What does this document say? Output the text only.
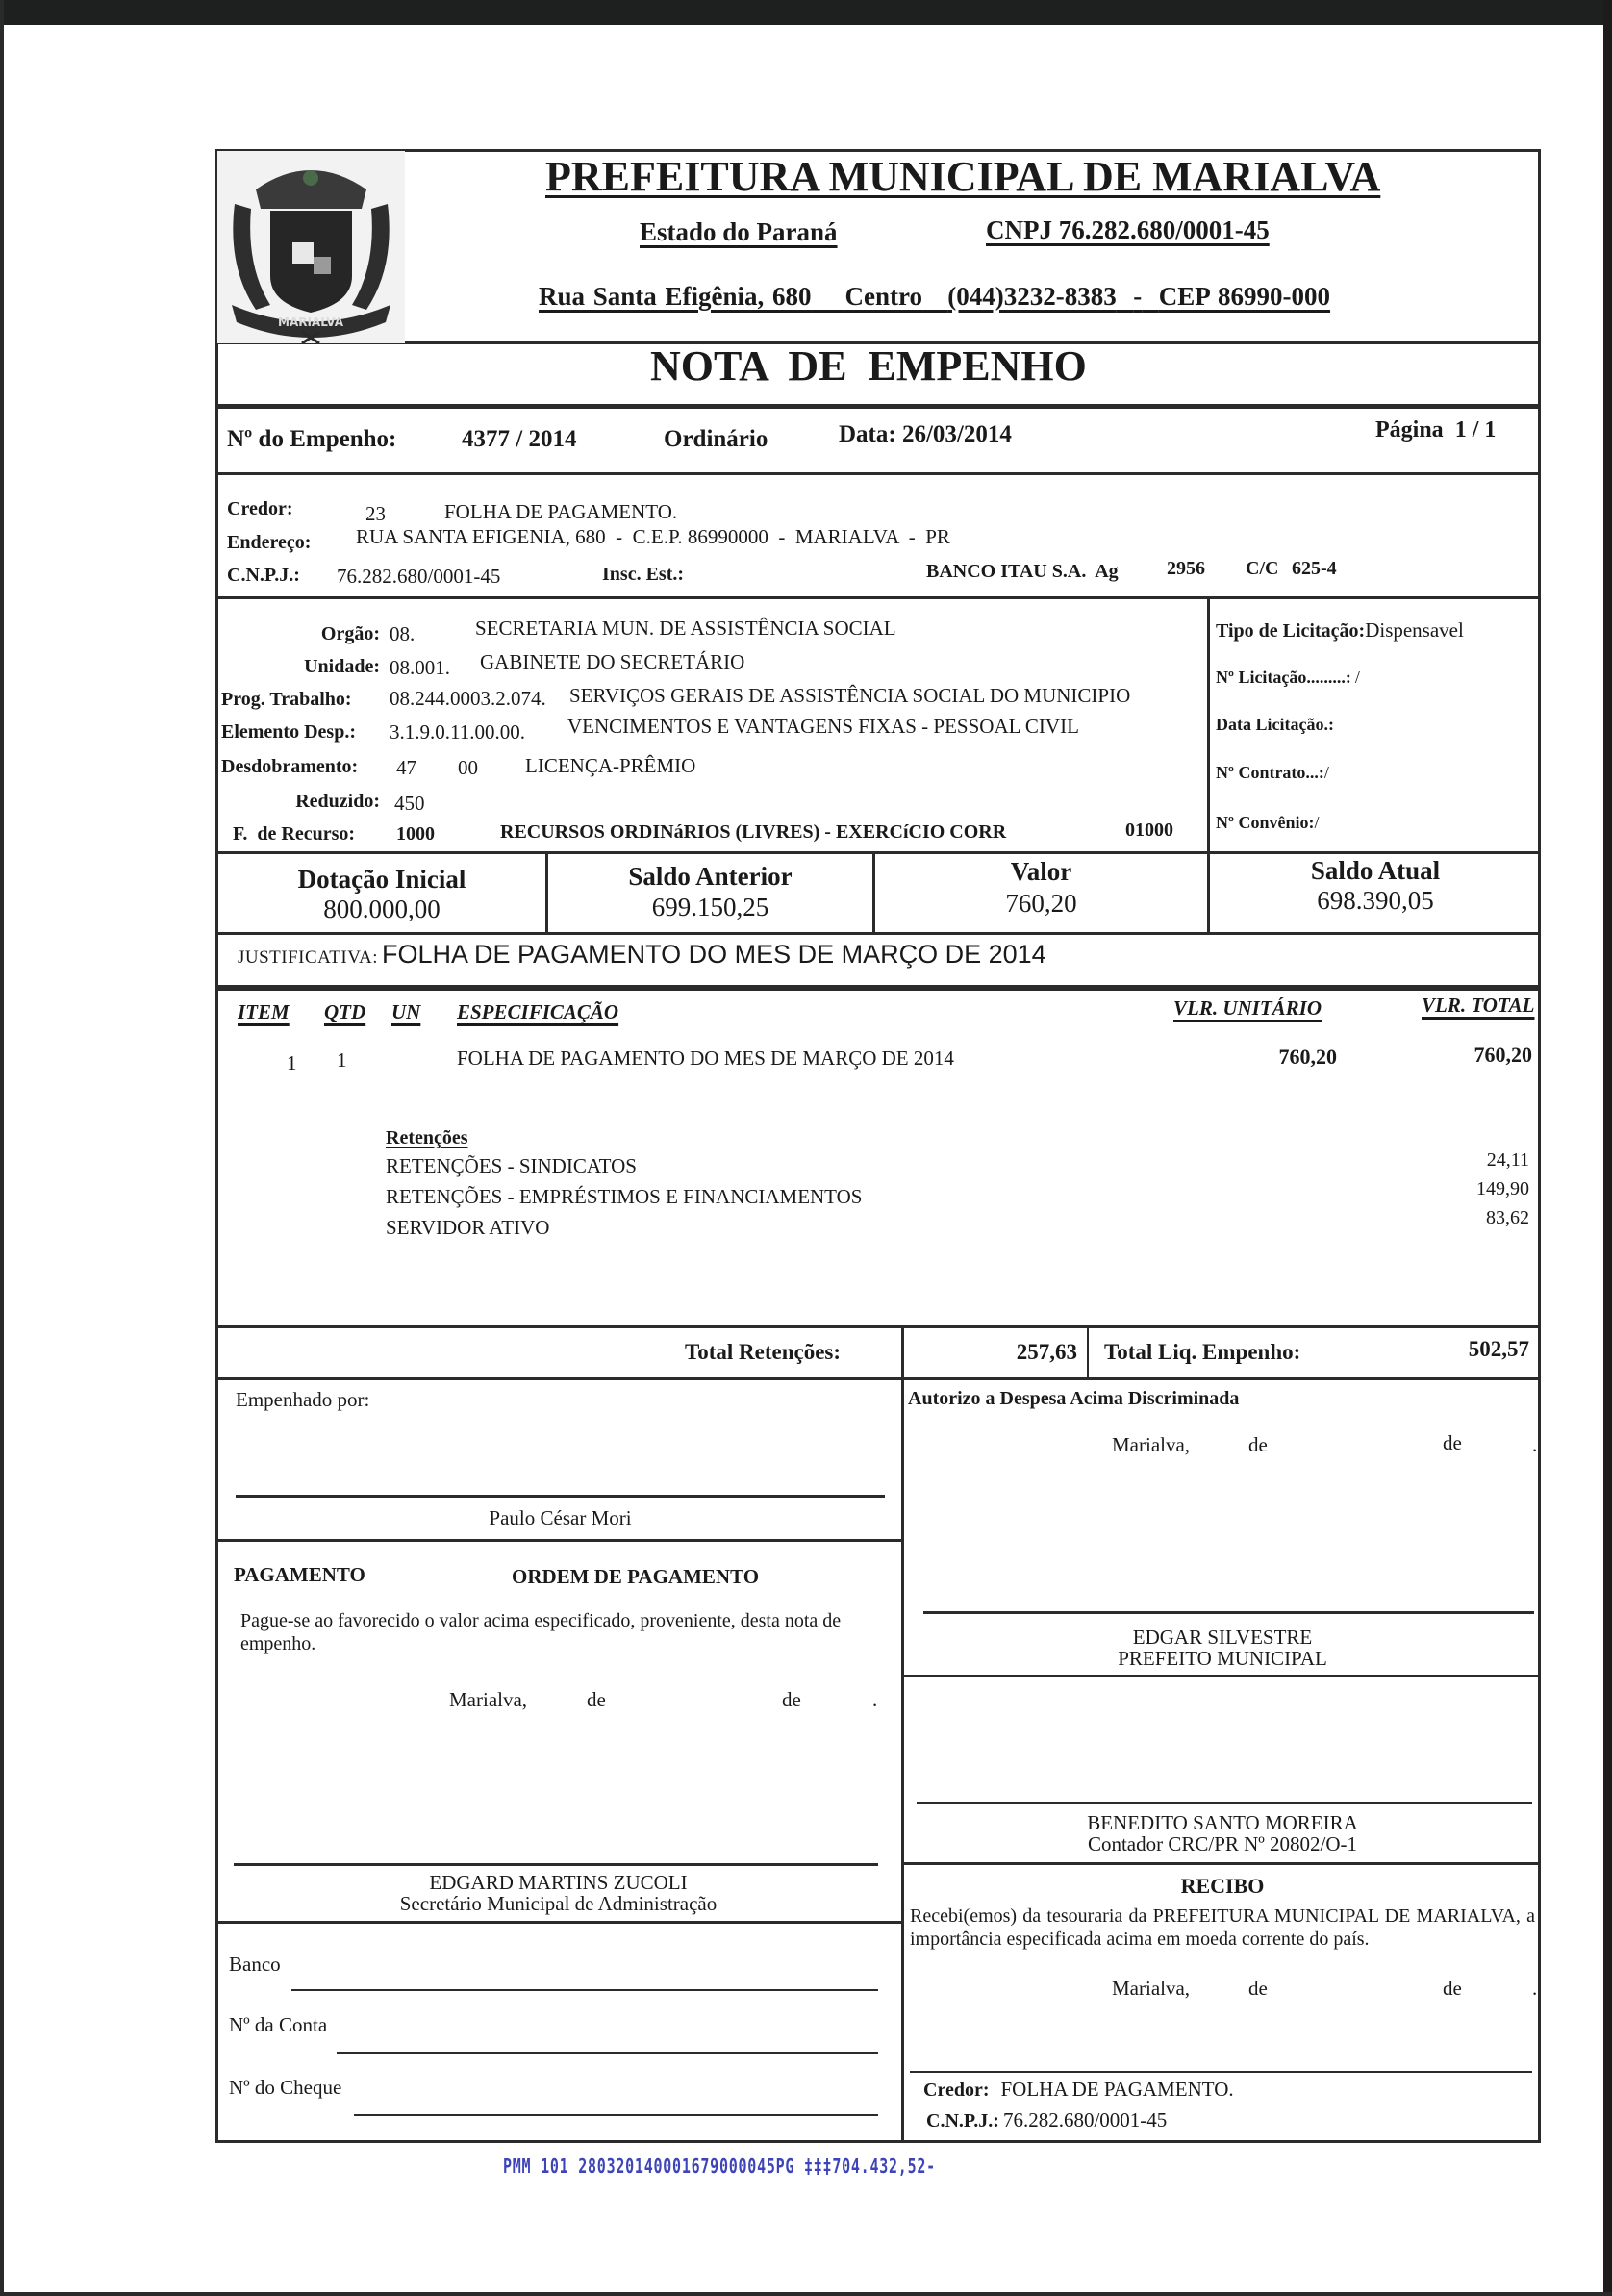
MARIALVA
PREFEITURA MUNICIPAL DE MARIALVA
Estado do Paraná	CNPJ 76.282.680/0001-45
Rua Santa Efigênia, 680 Centro (044)3232-8383 - CEP 86990-000
NOTA  DE  EMPENHO
Nº do Empenho:	4377 / 2014	Ordinário	Data: 26/03/2014	Página 1 / 1
Credor:	23	FOLHA DE PAGAMENTO.
Endereço: RUA SANTA EFIGENIA, 680  -  C.E.P. 86990000  -  MARIALVA  -  PR
C.N.P.J.: 76.282.680/0001-45	Insc. Est.:	BANCO ITAU S.A.  Ag	2956 C/C 625-4
Orgão: 08.	SECRETARIA MUN. DE ASSISTÊNCIA SOCIAL
Unidade: 08.001. GABINETE DO SECRETÁRIO
Prog. Trabalho: 08.244.0003.2.074. SERVIÇOS GERAIS DE ASSISTÊNCIA SOCIAL DO MUNICIPIO
Elemento Desp.: 3.1.9.0.11.00.00. VENCIMENTOS E VANTAGENS FIXAS - PESSOAL CIVIL
Desdobramento: 47 00 LICENÇA-PRÊMIO
Reduzido: 450
F.  de Recurso: 1000	RECURSOS ORDINáRIOS (LIVRES) - EXERCíCIO CORR	01000
Tipo de Licitação:Dispensavel
Nº Licitação.........: /
Data Licitação.:
Nº Contrato...:/
Nº Convênio:/
Dotação Inicial
800.000,00
Saldo Anterior
699.150,25
Valor
760,20
Saldo Atual
698.390,05
JUSTIFICATIVA: FOLHA DE PAGAMENTO DO MES DE MARÇO DE 2014
ITEM QTD UN ESPECIFICAÇÃO	VLR. UNITÁRIO	VLR. TOTAL
1 1	FOLHA DE PAGAMENTO DO MES DE MARÇO DE 2014	760,20	760,20
Retenções
RETENÇÕES - SINDICATOS	24,11
RETENÇÕES - EMPRÉSTIMOS E FINANCIAMENTOS	149,90
SERVIDOR ATIVO	83,62
Total Retenções:	257,63 Total Liq. Empenho:	502,57
Empenhado por:
Paulo César Mori
Autorizo a Despesa Acima Discriminada
Marialva,	de	de	.
EDGAR SILVESTRE
PREFEITO MUNICIPAL
PAGAMENTO	ORDEM DE PAGAMENTO
Pague-se ao favorecido o valor acima especificado, proveniente, desta nota de empenho.
Marialva,	de	de	.
EDGARD MARTINS ZUCOLI
Secretário Municipal de Administração
Banco
Nº da Conta
Nº do Cheque
BENEDITO SANTO MOREIRA
Contador CRC/PR Nº 20802/O-1
RECIBO
Recebi(emos) da tesouraria da PREFEITURA MUNICIPAL DE MARIALVA, a importância especificada acima em moeda corrente do país.
Marialva,	de	de	.
Credor: FOLHA DE PAGAMENTO.
C.N.P.J.: 76.282.680/0001-45
PMM 101 280320140001679000045PG ‡‡‡704.432,52-
